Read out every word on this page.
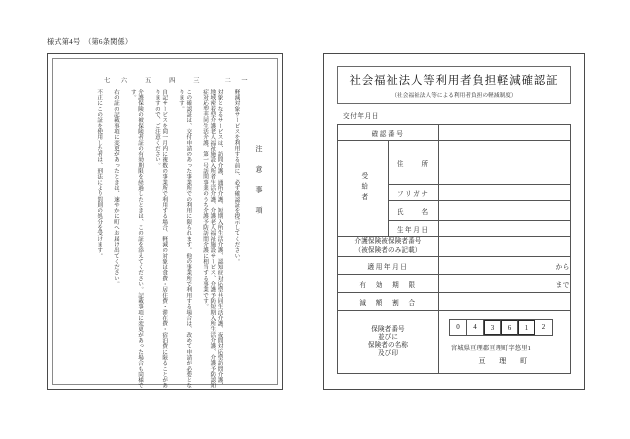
様式第4号　（第6条関係）
注　意　事　項
一
軽減対象サービスを利用する前に、必ず確認証を提示してください。
二
対象となるサービスは、訪問介護、通所介護、短期入所生活介護、認知症対応型共同生活介護、夜間対応型訪問介護、地域密着型介護老人福祉施設入所者生活介護、介護老人福祉施設サービス、介護予防短期入所生活介護、介護予防認知症対応型共同生活介護、第一号訪問事業のうち介護予防訪問介護に相当する事業です。
三
この確認証は、交付申請のあった事業所での利用に限られます。他の事業所で利用する場合は、改めて申請が必要となります。
四
自記サービスを同一月内に複数の事業所で利用する場合、軽減の対象は食費・居住費・滞在費・宿泊費に限ることがありますので、ご注意ください。
五
介護保険の被保険者証の有効期限を経過したときは、この証を添えてください。記載事項に変更があった場合も同様です。
六
右の証の記載事項に変更があったときは、速やかに町へお届け出てください。
七
不正にこの証を使用した者は、刑法により罰則の処分を受けます。
社会福祉法人等利用者負担軽減確認証
（社会福祉法人等による利用者負担の軽減制度）
交付年月日
確認番号		
受給者	住　　所	
	フリガナ	
	氏　　名	
	生年月日	
介護保険被保険者番号
（被保険者のみ記載）		
適用年月日		から
有　効　期　限		まで
減　額　割　合		
保険者番号
並びに
保険者の名称
及び印	
0	4	3	6	1	2
宮城県亘理郡亘理町字悠里1
亘　理　町
